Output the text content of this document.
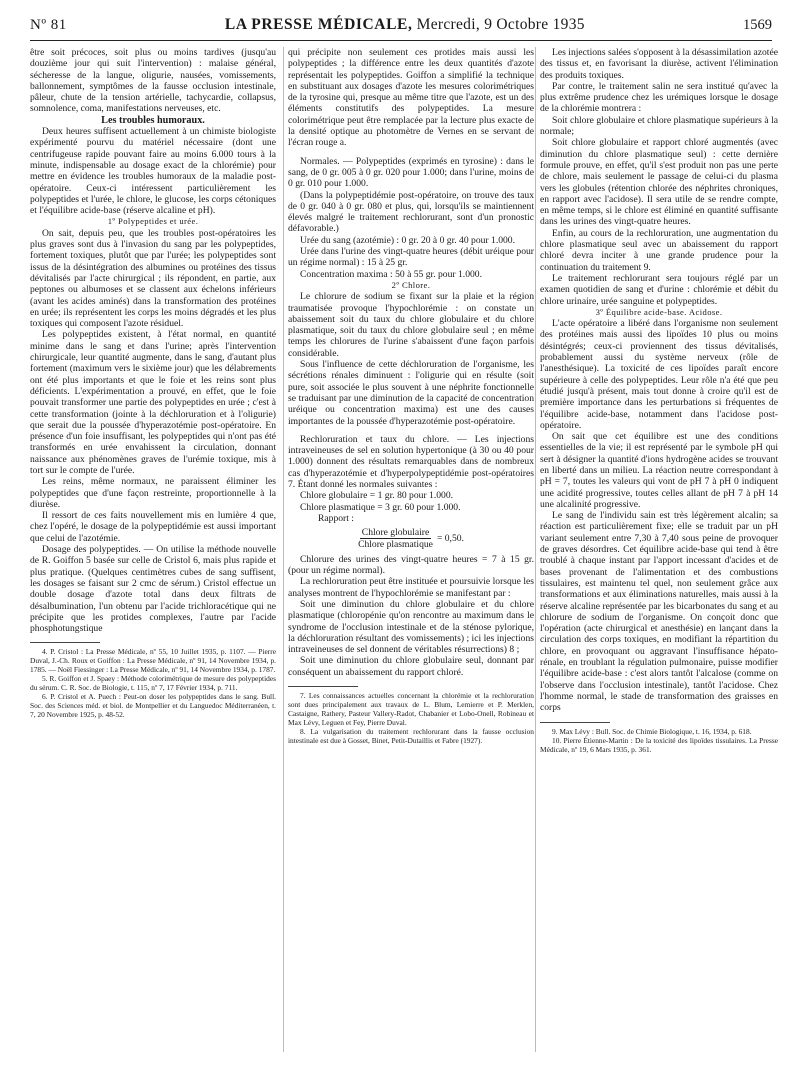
Nº 81	LA PRESSE MÉDICALE, Mercredi, 9 Octobre 1935	1569

être soit précoces, soit plus ou moins tardives (jusqu'au douzième jour qui suit l'intervention) : malaise général, sécheresse de la langue, oligurie, nausées, vomissements, ballonnement, symptômes de la fausse occlusion intestinale, pâleur, chute de la tension artérielle, tachycardie, collapsus, somnolence, coma, manifestations nerveuses, etc.

Les troubles humoraux.

Deux heures suffisent actuellement à un chimiste biologiste expérimenté pourvu du matériel nécessaire (dont une centrifugeuse rapide pouvant faire au moins 6.000 tours à la minute, indispensable au dosage exact de la chlorémie) pour mettre en évidence les troubles humoraux de la maladie post-opératoire. Ceux-ci intéressent particulièrement les polypeptides et l'urée, le chlore, le glucose, les corps cétoniques et l'équilibre acide-base (réserve alcaline et pH).

1º Polypeptides et urée.

On sait, depuis peu, que les troubles post-opératoires les plus graves sont dus à l'invasion du sang par les polypeptides, fortement toxiques, plutôt que par l'urée; les polypeptides sont issus de la désintégration des albumines ou protéines des tissus dévitalisés par l'acte chirurgical ; ils répondent, en partie, aux peptones ou albumoses et se classent aux échelons inférieurs (avant les acides aminés) dans la transformation des protéines en urée; ils représentent les corps les moins dégradés et les plus toxiques qui composent l'azote résiduel.

Les polypeptides existent, à l'état normal, en quantité minime dans le sang et dans l'urine; après l'intervention chirurgicale, leur quantité augmente, dans le sang, d'autant plus fortement (maximum vers le sixième jour) que les délabrements ont été plus importants et que le foie et les reins sont plus déficients. L'expérimentation a prouvé, en effet, que le foie pouvait transformer une partie des polypeptides en urée ; c'est à cette transformation (jointe à la déchloruration et à l'oligurie) que serait due la poussée d'hyperazotémie post-opératoire. En présence d'un foie insuffisant, les polypeptides qui n'ont pas été transformés en urée envahissent la circulation, donnant naissance aux phénomènes graves de l'urémie toxique, mis à tort sur le compte de l'urée.

Les reins, même normaux, ne paraissent éliminer les polypeptides que d'une façon restreinte, proportionnelle à la diurèse.

Il ressort de ces faits nouvellement mis en lumière 4 que, chez l'opéré, le dosage de la polypeptidémie est aussi important que celui de l'azotémie.

Dosage des polypeptides. — On utilise la méthode nouvelle de R. Goiffon 5 basée sur celle de Cristol 6, mais plus rapide et plus pratique. (Quelques centimètres cubes de sang suffisent, les dosages se faisant sur 2 cmc de sérum.) Cristol effectue un double dosage d'azote total dans deux filtrats de désalbumination, l'un obtenu par l'acide trichloracétique qui ne précipite que les protides complexes, l'autre par l'acide phosphotungstique

4. P. Cristol : La Presse Médicale, nº 55, 10 Juillet 1935, p. 1107. — Pierre Duval, J.-Ch. Roux et Goiffon : La Presse Médicale, nº 91, 14 Novembre 1934, p. 1785. — Noël Fiessinger : La Presse Médicale, nº 91, 14 Novembre 1934, p. 1787.

5. R. Goiffon et J. Spaey : Méthode colorimétrique de mesure des polypeptides du sérum. C. R. Soc. de Biologie, t. 115, nº 7, 17 Février 1934, p. 711.

6. P. Cristol et A. Puech : Peut-on doser les polypeptides dans le sang. Bull. Soc. des Sciences méd. et biol. de Montpellier et du Languedoc Méditerranéen, t. 7, 20 Novembre 1925, p. 48-52.

qui précipite non seulement ces protides mais aussi les polypeptides ; la différence entre les deux quantités d'azote représentait les polypeptides. Goiffon a simplifié la technique en substituant aux dosages d'azote les mesures colorimétriques de la tyrosine qui, presque au même titre que l'azote, est un des éléments constitutifs des polypeptides. La mesure colorimétrique peut être remplacée par la lecture plus exacte de la densité optique au photomètre de Vernes en se servant de l'écran rouge a.

Normales. — Polypeptides (exprimés en tyrosine) : dans le sang, de 0 gr. 005 à 0 gr. 020 pour 1.000; dans l'urine, moins de 0 gr. 010 pour 1.000.

(Dans la polypeptidémie post-opératoire, on trouve des taux de 0 gr. 040 à 0 gr. 080 et plus, qui, lorsqu'ils se maintiennent élevés malgré le traitement rechlorurant, sont d'un pronostic défavorable.)

Urée du sang (azotémie) : 0 gr. 20 à 0 gr. 40 pour 1.000.

Urée dans l'urine des vingt-quatre heures (débit uréique pour un régime normal) : 15 à 25 gr.

Concentration maxima : 50 à 55 gr. pour 1.000.

2º Chlore.

Le chlorure de sodium se fixant sur la plaie et la région traumatisée provoque l'hypochlorémie : on constate un abaissement soit du taux du chlore globulaire et du chlore plasmatique, soit du taux du chlore globulaire seul ; en même temps les chlorures de l'urine s'abaissent d'une façon parfois considérable.

Sous l'influence de cette déchloruration de l'organisme, les sécrétions rénales diminuent : l'oligurie qui en résulte (soit pure, soit associée le plus souvent à une néphrite fonctionnelle se traduisant par une diminution de la capacité de concentration uréique ou concentration maxima) est une des causes importantes de la poussée d'hyperazotémie post-opératoire.

Rechloruration et taux du chlore. — Les injections intraveineuses de sel en solution hypertonique (à 30 ou 40 pour 1.000) donnent des résultats remarquables dans de nombreux cas d'hyperazotémie et d'hyperpolypeptidémie post-opératoires 7. Étant donné les normales suivantes :

Chlore globulaire = 1 gr. 80 pour 1.000.

Chlore plasmatique = 3 gr. 60 pour 1.000.

Rapport :

Chlore globulaire
Chlore plasmatique
= 0,50.

Chlorure des urines des vingt-quatre heures = 7 à 15 gr. (pour un régime normal).

La rechloruration peut être instituée et poursuivie lorsque les analyses montrent de l'hypochlorémie se manifestant par :

Soit une diminution du chlore globulaire et du chlore plasmatique (chloropénie qu'on rencontre au maximum dans le syndrome de l'occlusion intestinale et de la sténose pylorique, la déchloruration résultant des vomissements) ; ici les injections intraveineuses de sel donnent de véritables résurrections) 8 ;

Soit une diminution du chlore globulaire seul, donnant par conséquent un abaissement du rapport chloré.

7. Les connaissances actuelles concernant la chlorémie et la rechloruration sont dues principalement aux travaux de L. Blum, Lemierre et P. Merklen, Castaigne, Rathery, Pasteur Vallery-Radot, Chabanier et Lobo-Onell, Robineau et Max Lévy, Leguen et Fey, Pierre Duval.

8. La vulgarisation du traitement rechlorurant dans la fausse occlusion intestinale est due à Gosset, Binet, Petit-Dutaillis et Fabre (1927).

Les injections salées s'opposent à la désassimilation azotée des tissus et, en favorisant la diurèse, activent l'élimination des produits toxiques.

Par contre, le traitement salin ne sera institué qu'avec la plus extrême prudence chez les urémiques lorsque le dosage de la chlorémie montrera :

Soit chlore globulaire et chlore plasmatique supérieurs à la normale;

Soit chlore globulaire et rapport chloré augmentés (avec diminution du chlore plasmatique seul) : cette dernière formule prouve, en effet, qu'il s'est produit non pas une perte de chlore, mais seulement le passage de celui-ci du plasma vers les globules (rétention chlorée des néphrites chroniques, en rapport avec l'acidose). Il sera utile de se rendre compte, en même temps, si le chlore est éliminé en quantité suffisante dans les urines des vingt-quatre heures.

Enfin, au cours de la rechloruration, une augmentation du chlore plasmatique seul avec un abaissement du rapport chloré devra inciter à une grande prudence pour la continuation du traitement 9.

Le traitement rechlorurant sera toujours réglé par un examen quotidien de sang et d'urine : chlorémie et débit du chlore urinaire, urée sanguine et polypeptides.

3º Équilibre acide-base. Acidose.

L'acte opératoire a libéré dans l'organisme non seulement des protéines mais aussi des lipoïdes 10 plus ou moins désintégrés; ceux-ci proviennent des tissus dévitalisés, probablement aussi du système nerveux (rôle de l'anesthésique). La toxicité de ces lipoïdes paraît encore supérieure à celle des polypeptides. Leur rôle n'a été que peu étudié jusqu'à présent, mais tout donne à croire qu'il est de première importance dans les perturbations si fréquentes de l'équilibre acide-base, notamment dans l'acidose post-opératoire.

On sait que cet équilibre est une des conditions essentielles de la vie; il est représenté par le symbole pH qui sert à désigner la quantité d'ions hydrogène acides se trouvant en liberté dans un milieu. La réaction neutre correspondant à pH = 7, toutes les valeurs qui vont de pH 7 à pH 0 indiquent une acidité progressive, toutes celles allant de pH 7 à pH 14 une alcalinité progressive.

Le sang de l'individu sain est très légèrement alcalin; sa réaction est particulièrement fixe; elle se traduit par un pH variant seulement entre 7,30 à 7,40 sous peine de provoquer de graves désordres. Cet équilibre acide-base qui tend à être troublé à chaque instant par l'apport incessant d'acides et de bases provenant de l'alimentation et des combustions tissulaires, est maintenu tel quel, non seulement grâce aux transformations et aux éliminations naturelles, mais aussi à la réserve alcaline représentée par les bicarbonates du sang et au chlorure de sodium de l'organisme. On conçoit donc que l'opération (acte chirurgical et anesthésie) en lançant dans la circulation des corps toxiques, en modifiant la répartition du chlore, en provoquant ou aggravant l'insuffisance hépato-rénale, en troublant la régulation pulmonaire, puisse modifier l'équilibre acide-base : c'est alors tantôt l'alcalose (comme on l'observe dans l'occlusion intestinale), tantôt l'acidose. Chez l'homme normal, le stade de transformation des graisses en corps

9. Max Lévy : Bull. Soc. de Chimie Biologique, t. 16, 1934, p. 618.

10. Pierre Étienne-Martin : De la toxicité des lipoïdes tissulaires. La Presse Médicale, nº 19, 6 Mars 1935, p. 361.
